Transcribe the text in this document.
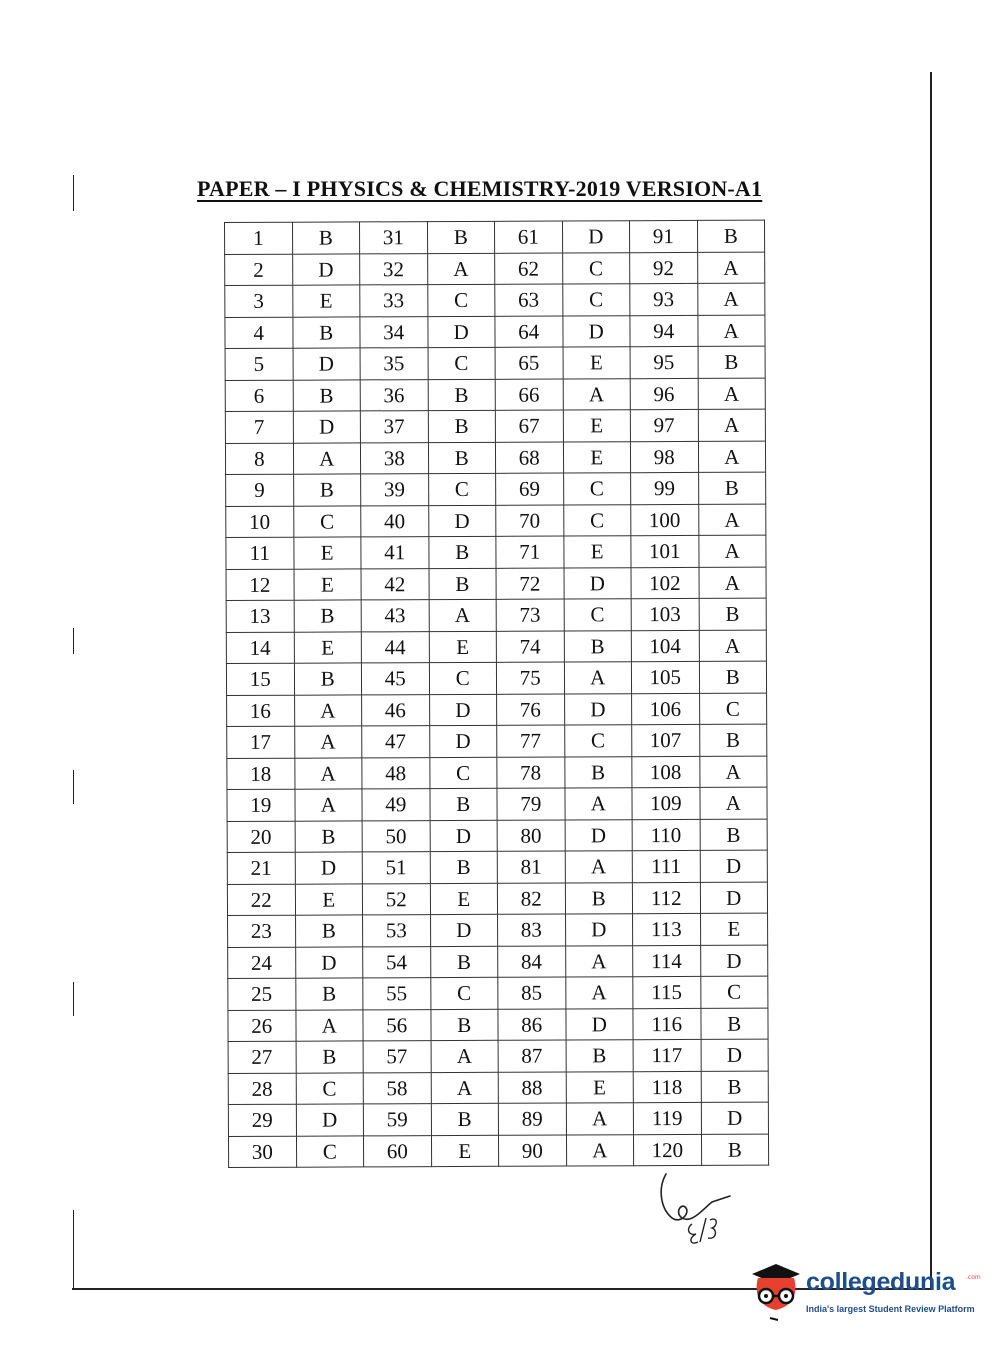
PAPER – I PHYSICS & CHEMISTRY-2019 VERSION-A1
1	B	31	B	61	D	91	B
2	D	32	A	62	C	92	A
3	E	33	C	63	C	93	A
4	B	34	D	64	D	94	A
5	D	35	C	65	E	95	B
6	B	36	B	66	A	96	A
7	D	37	B	67	E	97	A
8	A	38	B	68	E	98	A
9	B	39	C	69	C	99	B
10	C	40	D	70	C	100	A
11	E	41	B	71	E	101	A
12	E	42	B	72	D	102	A
13	B	43	A	73	C	103	B
14	E	44	E	74	B	104	A
15	B	45	C	75	A	105	B
16	A	46	D	76	D	106	C
17	A	47	D	77	C	107	B
18	A	48	C	78	B	108	A
19	A	49	B	79	A	109	A
20	B	50	D	80	D	110	B
21	D	51	B	81	A	111	D
22	E	52	E	82	B	112	D
23	B	53	D	83	D	113	E
24	D	54	B	84	A	114	D
25	B	55	C	85	A	115	C
26	A	56	B	86	D	116	B
27	B	57	A	87	B	117	D
28	C	58	A	88	E	118	B
29	D	59	B	89	A	119	D
30	C	60	E	90	A	120	B
collegedunia .com
India's largest Student Review Platform
